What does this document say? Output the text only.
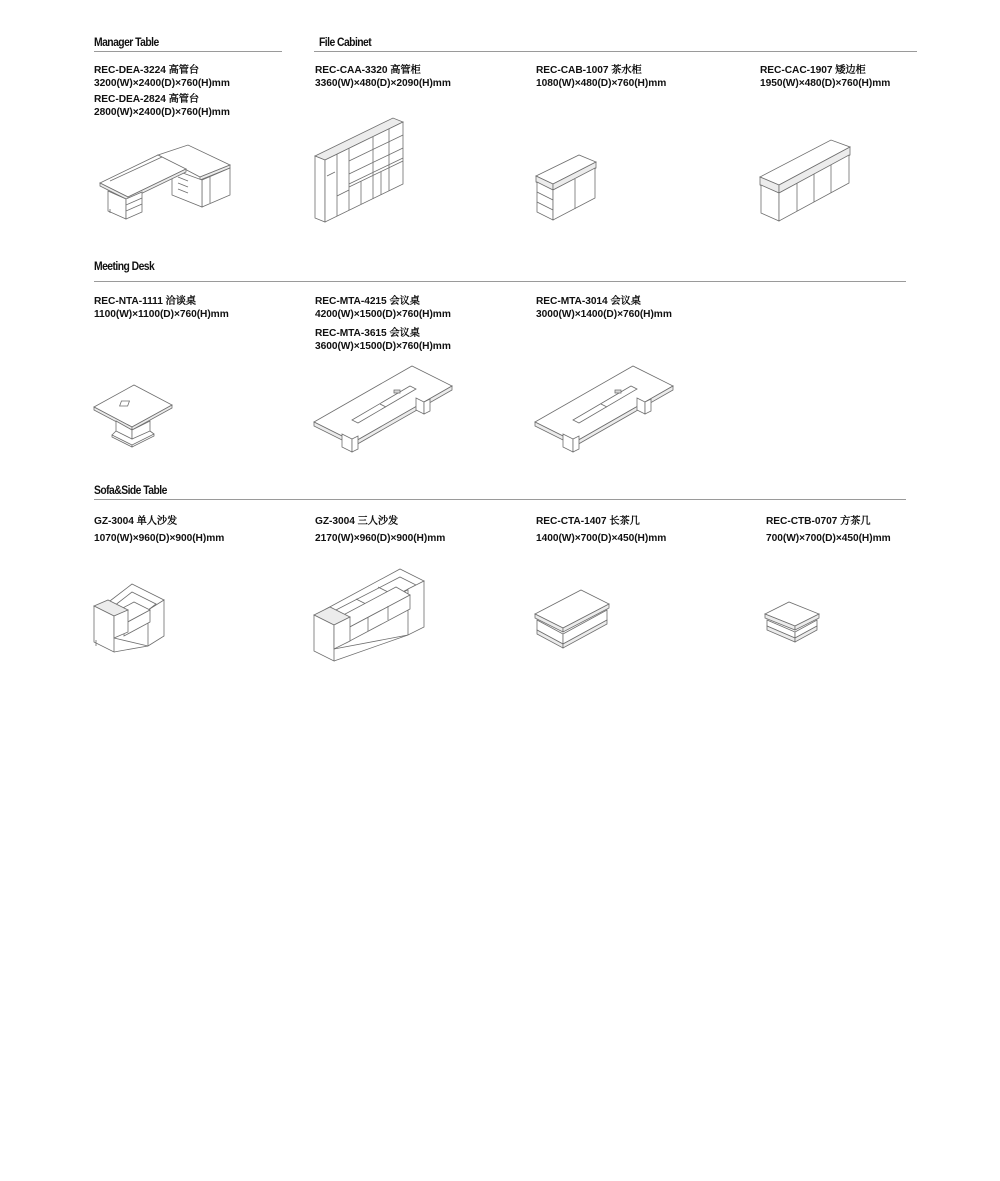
Manager Table	File Cabinet
Meeting Desk
Sofa&Side Table
REC-DEA-3224 高管台
3200(W)×2400(D)×760(H)mm
REC-DEA-2824 高管台
2800(W)×2400(D)×760(H)mm
REC-CAA-3320 高管柜
3360(W)×480(D)×2090(H)mm
REC-CAB-1007 茶水柜
1080(W)×480(D)×760(H)mm
REC-CAC-1907 矮边柜
1950(W)×480(D)×760(H)mm
REC-NTA-1111 洽谈桌
1100(W)×1100(D)×760(H)mm
REC-MTA-4215 会议桌
4200(W)×1500(D)×760(H)mm
REC-MTA-3615 会议桌
3600(W)×1500(D)×760(H)mm
REC-MTA-3014 会议桌
3000(W)×1400(D)×760(H)mm
GZ-3004 单人沙发
1070(W)×960(D)×900(H)mm
GZ-3004 三人沙发
2170(W)×960(D)×900(H)mm
REC-CTA-1407 长茶几
1400(W)×700(D)×450(H)mm
REC-CTB-0707 方茶几
700(W)×700(D)×450(H)mm
